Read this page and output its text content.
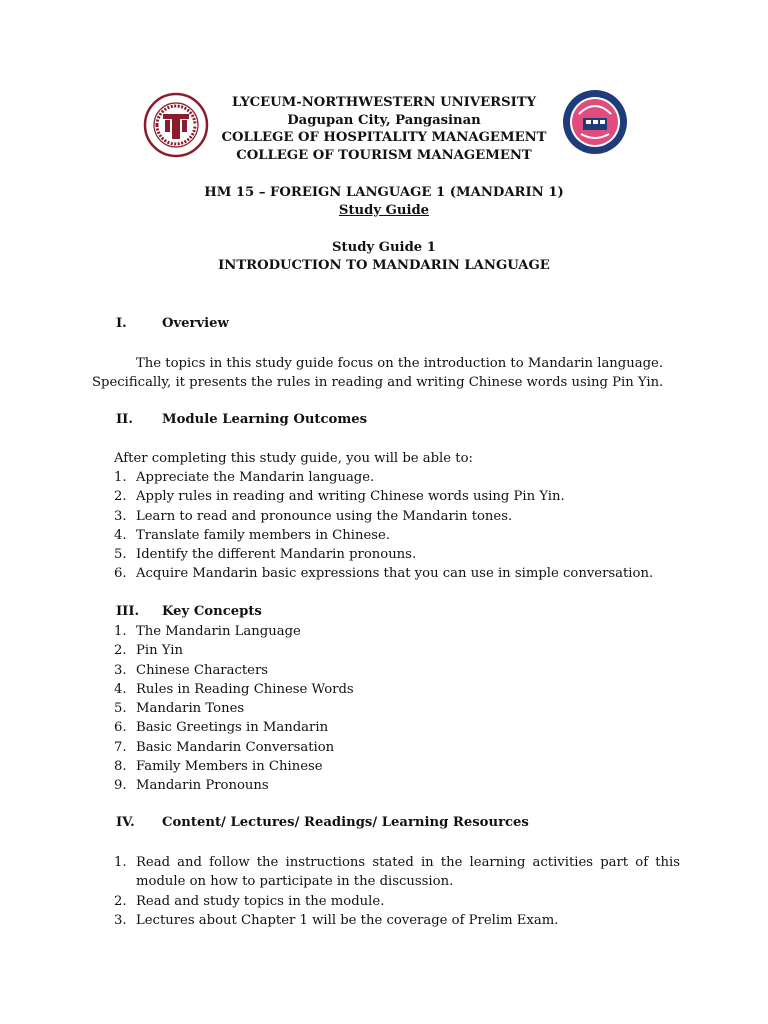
LYCEUM-NORTHWESTERN UNIVERSITY
Dagupan City, Pangasinan
COLLEGE OF HOSPITALITY MANAGEMENT
COLLEGE OF TOURISM MANAGEMENT
HM 15 – FOREIGN LANGUAGE 1 (MANDARIN 1)
Study Guide
Study Guide 1
INTRODUCTION TO MANDARIN LANGUAGE
I.	Overview
The topics in this study guide focus on the introduction to Mandarin language.
Specifically, it presents the rules in reading and writing Chinese words using Pin Yin.
II. Module Learning Outcomes
After completing this study guide, you will be able to:
1. Appreciate the Mandarin language.
2. Apply rules in reading and writing Chinese words using Pin Yin.
3. Learn to read and pronounce using the Mandarin tones.
4. Translate family members in Chinese.
5. Identify the different Mandarin pronouns.
6. Acquire Mandarin basic expressions that you can use in simple conversation.
III. Key Concepts
1. The Mandarin Language
2. Pin Yin
3. Chinese Characters
4. Rules in Reading Chinese Words
5. Mandarin Tones
6. Basic Greetings in Mandarin
7. Basic Mandarin Conversation
8. Family Members in Chinese
9. Mandarin Pronouns
IV. Content/ Lectures/ Readings/ Learning Resources
1. Read and follow the instructions stated in the learning activities part of this
module on how to participate in the discussion.
2. Read and study topics in the module.
3. Lectures about Chapter 1 will be the coverage of Prelim Exam.
